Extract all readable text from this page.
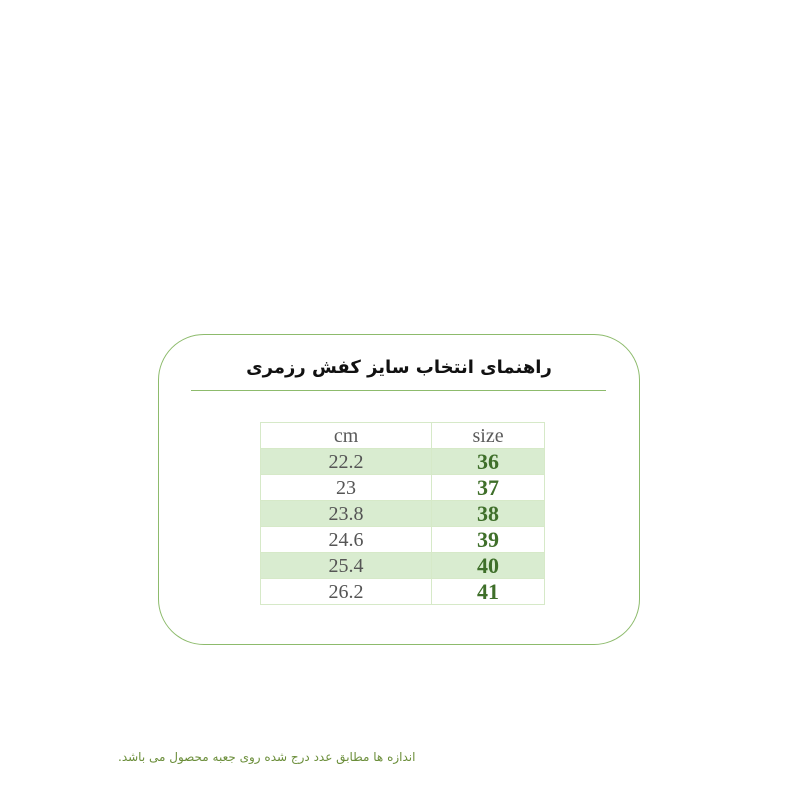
راهنمای انتخاب سایز کفش رزمری
cm	size
22.2	36
23	37
23.8	38
24.6	39
25.4	40
26.2	41
اندازه ها مطابق عدد درج شده روی جعبه محصول می باشد.
